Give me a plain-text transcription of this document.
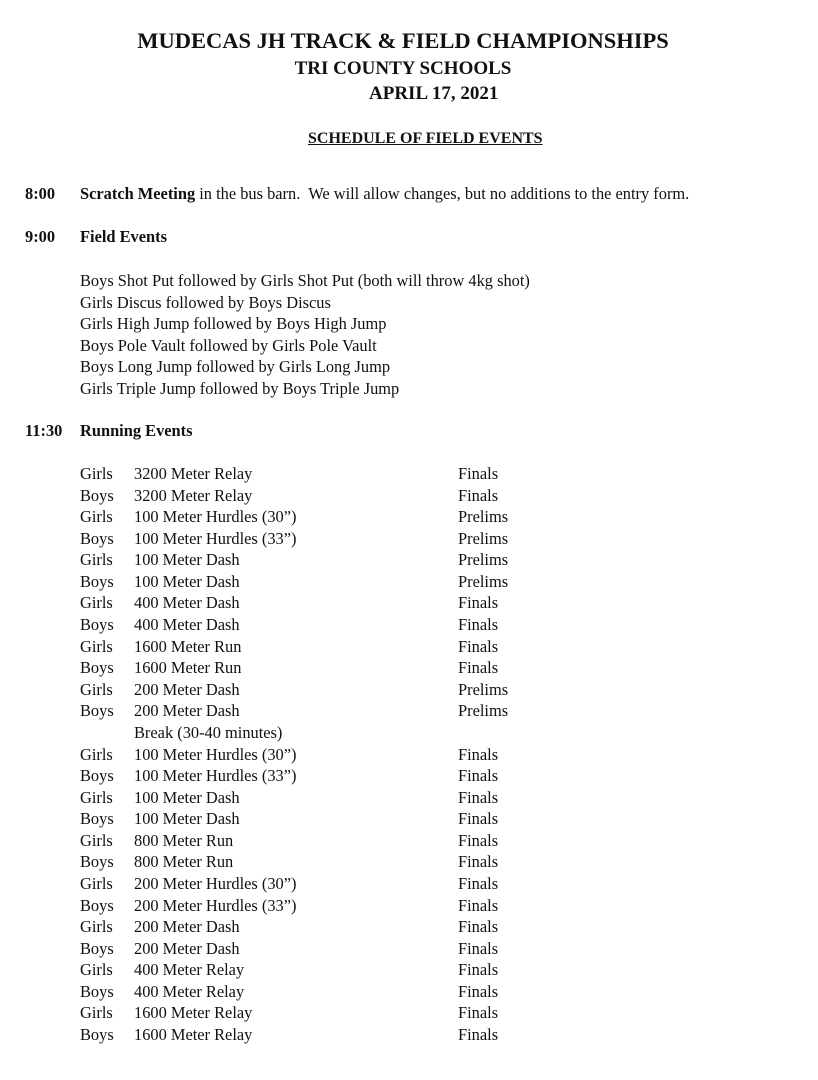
MUDECAS JH TRACK & FIELD CHAMPIONSHIPS
TRI COUNTY SCHOOLS
APRIL 17, 2021
SCHEDULE OF FIELD EVENTS
8:00 Scratch Meeting in the bus barn.  We will allow changes, but no additions to the entry form.
9:00 Field Events
Boys Shot Put followed by Girls Shot Put (both will throw 4kg shot)
Girls Discus followed by Boys Discus
Girls High Jump followed by Boys High Jump
Boys Pole Vault followed by Girls Pole Vault
Boys Long Jump followed by Girls Long Jump
Girls Triple Jump followed by Boys Triple Jump
11:30 Running Events
Girls 3200 Meter Relay	Finals
Boys 3200 Meter Relay	Finals
Girls 100 Meter Hurdles (30”)	Prelims
Boys 100 Meter Hurdles (33”)	Prelims
Girls 100 Meter Dash	Prelims
Boys 100 Meter Dash	Prelims
Girls 400 Meter Dash	Finals
Boys 400 Meter Dash	Finals
Girls 1600 Meter Run	Finals
Boys 1600 Meter Run	Finals
Girls 200 Meter Dash	Prelims
Boys 200 Meter Dash	Prelims
Break (30-40 minutes)
Girls 100 Meter Hurdles (30”)	Finals
Boys 100 Meter Hurdles (33”)	Finals
Girls 100 Meter Dash	Finals
Boys 100 Meter Dash	Finals
Girls 800 Meter Run	Finals
Boys 800 Meter Run	Finals
Girls 200 Meter Hurdles (30”)	Finals
Boys 200 Meter Hurdles (33”)	Finals
Girls 200 Meter Dash	Finals
Boys 200 Meter Dash	Finals
Girls 400 Meter Relay	Finals
Boys 400 Meter Relay	Finals
Girls 1600 Meter Relay	Finals
Boys 1600 Meter Relay	Finals
